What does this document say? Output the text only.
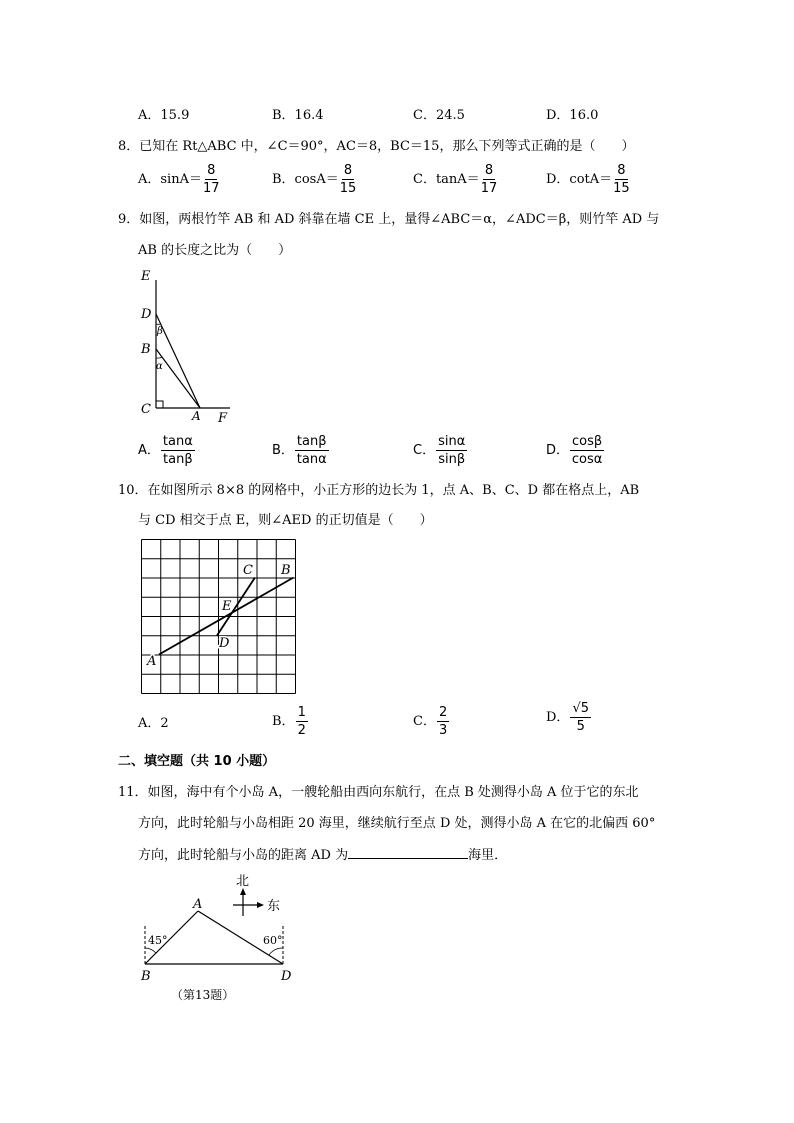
A．15.9	B．16.4	C．24.5	D．16.0
8．已知在 Rt△ABC 中，∠C＝90°，AC＝8，BC＝15，那么下列等式正确的是（　　）
A．$\sin A= \frac{8}{17}$	B．$\cos A= \frac{8}{15}$	C．$\tan A= \frac{8}{17}$	D．$\cot A= \frac{8}{15}$
9．如图，两根竹竿 AB 和 AD 斜靠在墙 CE 上，量得∠ABC＝α，∠ADC＝β，则竹竿 AD 与
AB 的长度之比为（　　）
E
D
B
C	A F
β
α
A． $\frac{\tan\alpha}{\tan\beta}$	B． $\frac{\tan\beta}{\tan\alpha}$	C． $\frac{\sin\alpha}{\sin\beta}$	D． $\frac{\cos\beta}{\cos\alpha}$
10．在如图所示 8×8 的网格中，小正方形的边长为 1，点 A、B、C、D 都在格点上，AB
与 CD 相交于点 E，则∠AED 的正切值是（　　）
A
B
C
D
E
A．2	B． $\frac{1}{2}$	C． $\frac{2}{3}$	D． $\frac{√5}{5}$
二、填空题（共 10 小题）
11．如图，海中有个小岛 A，一艘轮船由西向东航行，在点 B 处测得小岛 A 位于它的东北
方向，此时轮船与小岛相距 20 海里，继续航行至点 D 处，测得小岛 A 在它的北偏西 60°
方向，此时轮船与小岛的距离 AD 为	海里．
北
东
A
B	D
45°	60°
（第13题）
